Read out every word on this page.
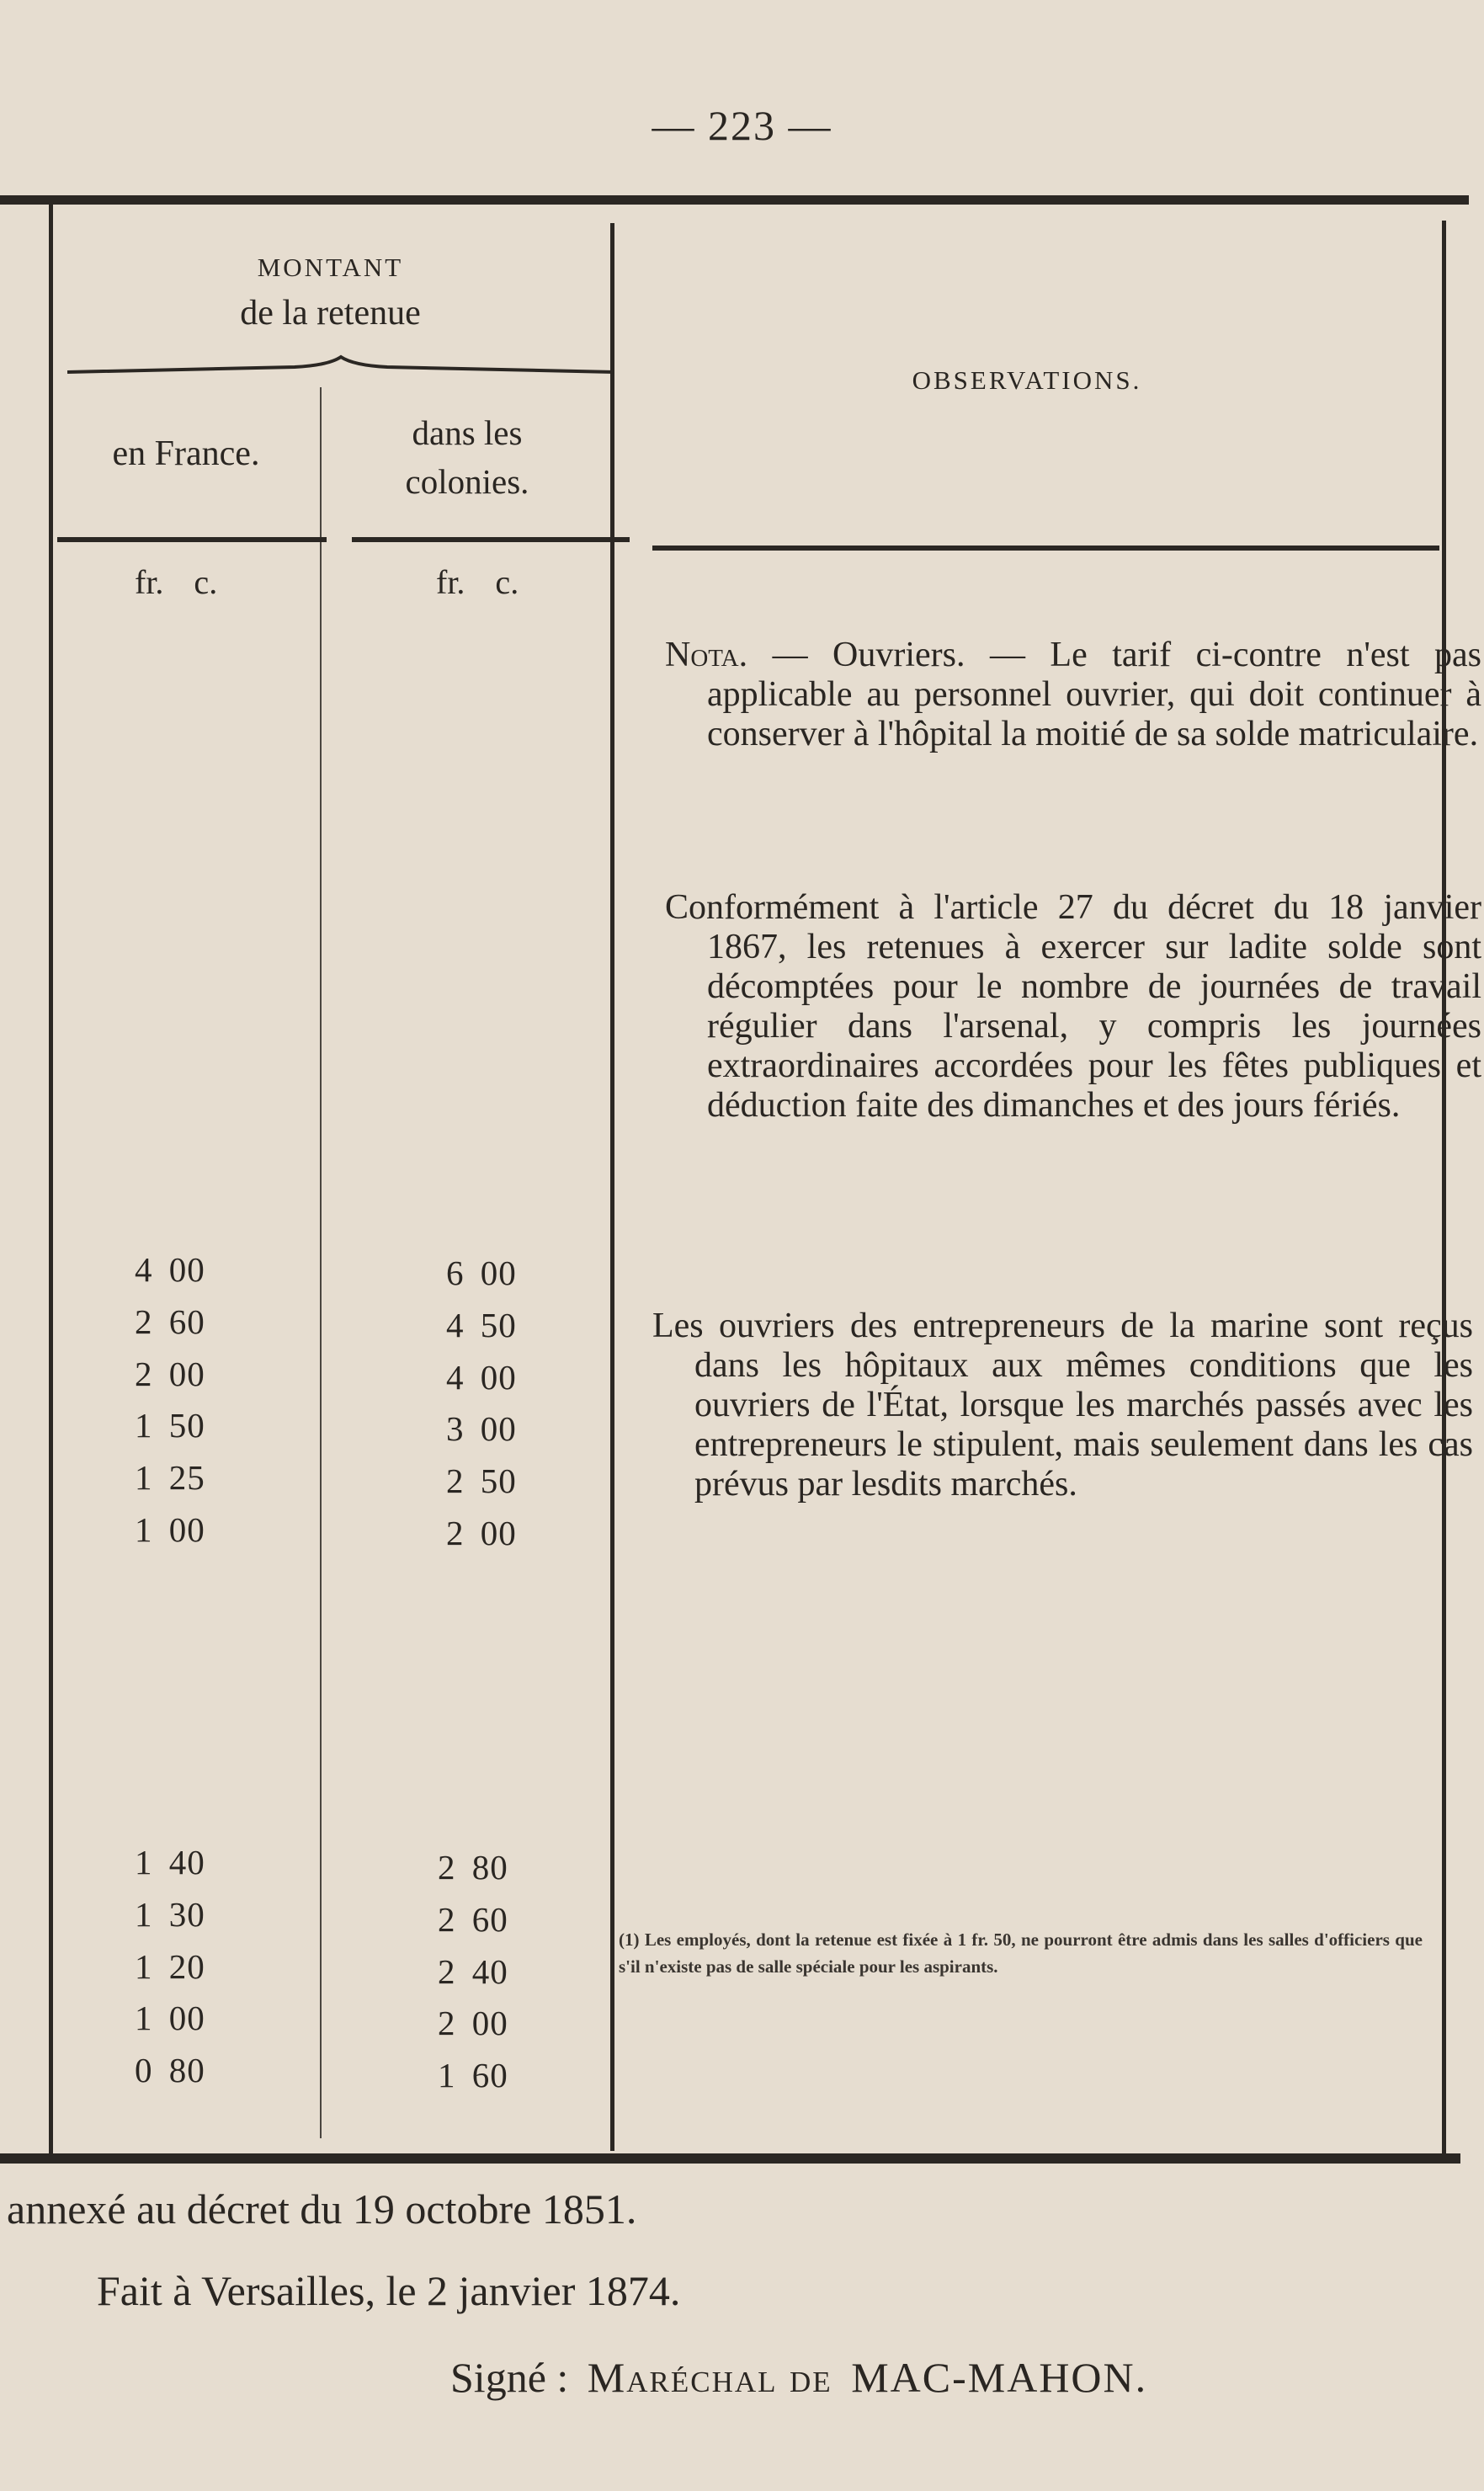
— 223 —
MONTANT
de la retenue
en France.
dans les
colonies.
OBSERVATIONS.
fr. c.	fr. c.
4 00
2 60
2 00
1 50
1 25
1 00
6 00
4 50
4 00
3 00
2 50
2 00
1 40
1 30
1 20
1 00
0 80
2 80
2 60
2 40
2 00
1 60
Nota. — Ouvriers. — Le tarif ci-contre n'est pas applicable au personnel ouvrier, qui doit continuer à conserver à l'hôpital la moitié de sa solde matriculaire.
Conformément à l'article 27 du décret du 18 janvier 1867, les retenues à exercer sur ladite solde sont décomptées pour le nombre de journées de travail régulier dans l'arsenal, y compris les journées extraordinaires accordées pour les fêtes publiques et déduction faite des dimanches et des jours fériés.
Les ouvriers des entrepreneurs de la marine sont reçus dans les hôpitaux aux mêmes conditions que les ouvriers de l'État, lorsque les marchés passés avec les entrepreneurs le stipulent, mais seulement dans les cas prévus par lesdits marchés.
(1) Les employés, dont la retenue est fixée à 1 fr. 50, ne pourront être admis dans les salles d'officiers que s'il n'existe pas de salle spéciale pour les aspirants.
annexé au décret du 19 octobre 1851.
Fait à Versailles, le 2 janvier 1874.
Signé : Maréchal de MAC-MAHON.
